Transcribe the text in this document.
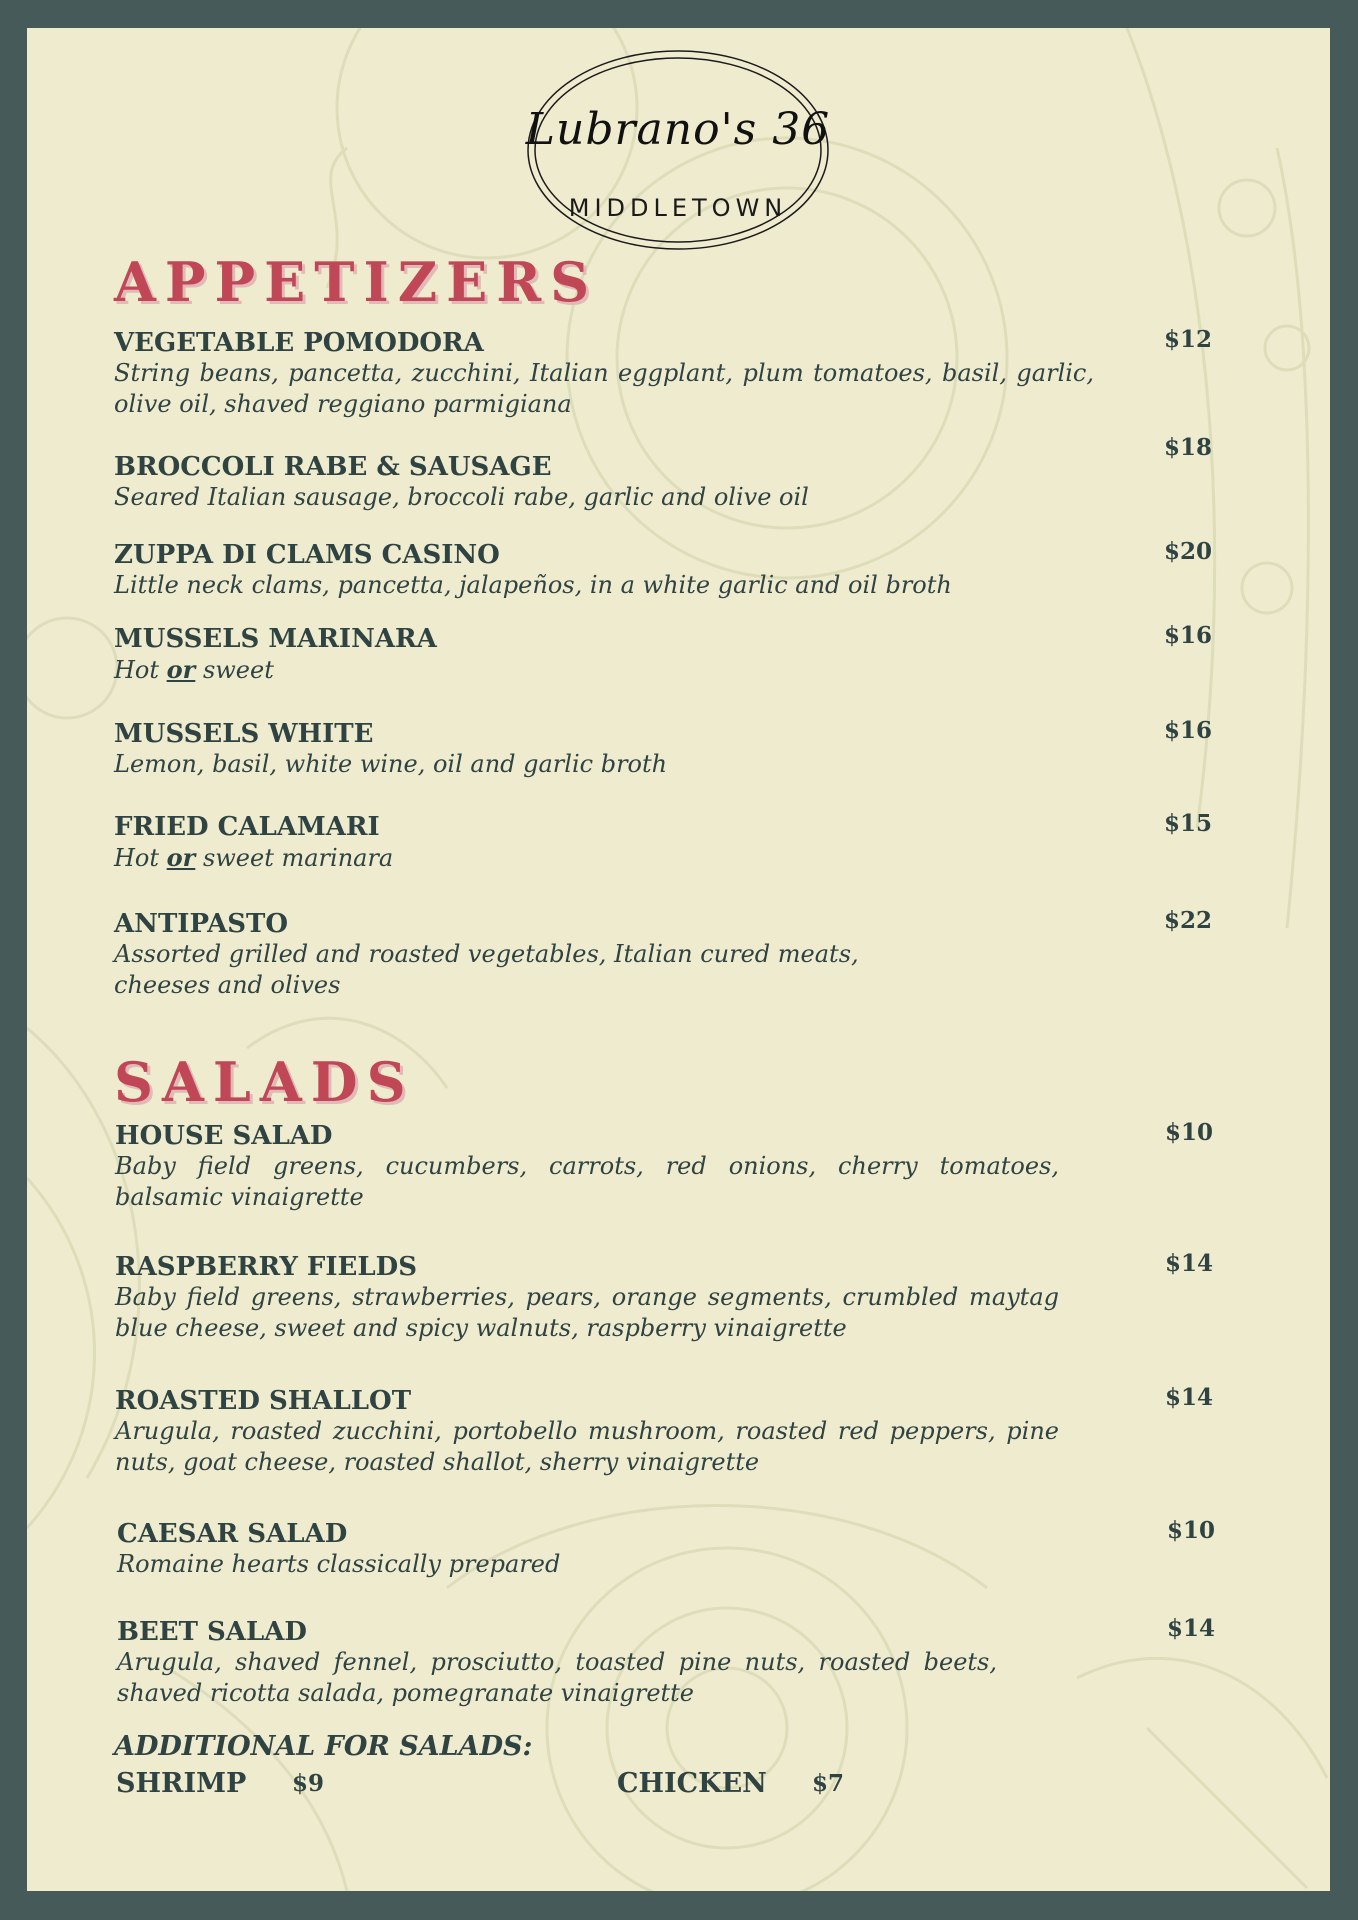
Lubrano's 36
MIDDLETOWN
APPETIZERS
VEGETABLE POMODORA
String beans, pancetta, zucchini, Italian eggplant, plum tomatoes, basil, garlic, olive oil, shaved reggiano parmigiana
$12
BROCCOLI RABE & SAUSAGE
Seared Italian sausage, broccoli rabe, garlic and olive oil
$18
ZUPPA DI CLAMS CASINO
Little neck clams, pancetta, jalapeños, in a white garlic and oil broth
$20
MUSSELS MARINARA
Hot or sweet
$16
MUSSELS WHITE
Lemon, basil, white wine, oil and garlic broth
$16
FRIED CALAMARI
Hot or sweet marinara
$15
ANTIPASTO
Assorted grilled and roasted vegetables, Italian cured meats, cheeses and olives
$22
SALADS
HOUSE SALAD
Baby field greens, cucumbers, carrots, red onions, cherry tomatoes, balsamic vinaigrette
$10
RASPBERRY FIELDS
Baby field greens, strawberries, pears, orange segments, crumbled maytag blue cheese, sweet and spicy walnuts, raspberry vinaigrette
$14
ROASTED SHALLOT
Arugula, roasted zucchini, portobello mushroom, roasted red peppers, pine nuts, goat cheese, roasted shallot, sherry vinaigrette
$14
CAESAR SALAD
Romaine hearts classically prepared
$10
BEET SALAD
Arugula, shaved fennel, prosciutto, toasted pine nuts, roasted beets, shaved ricotta salada, pomegranate vinaigrette
$14
ADDITIONAL FOR SALADS:
SHRIMP $9	CHICKEN $7
